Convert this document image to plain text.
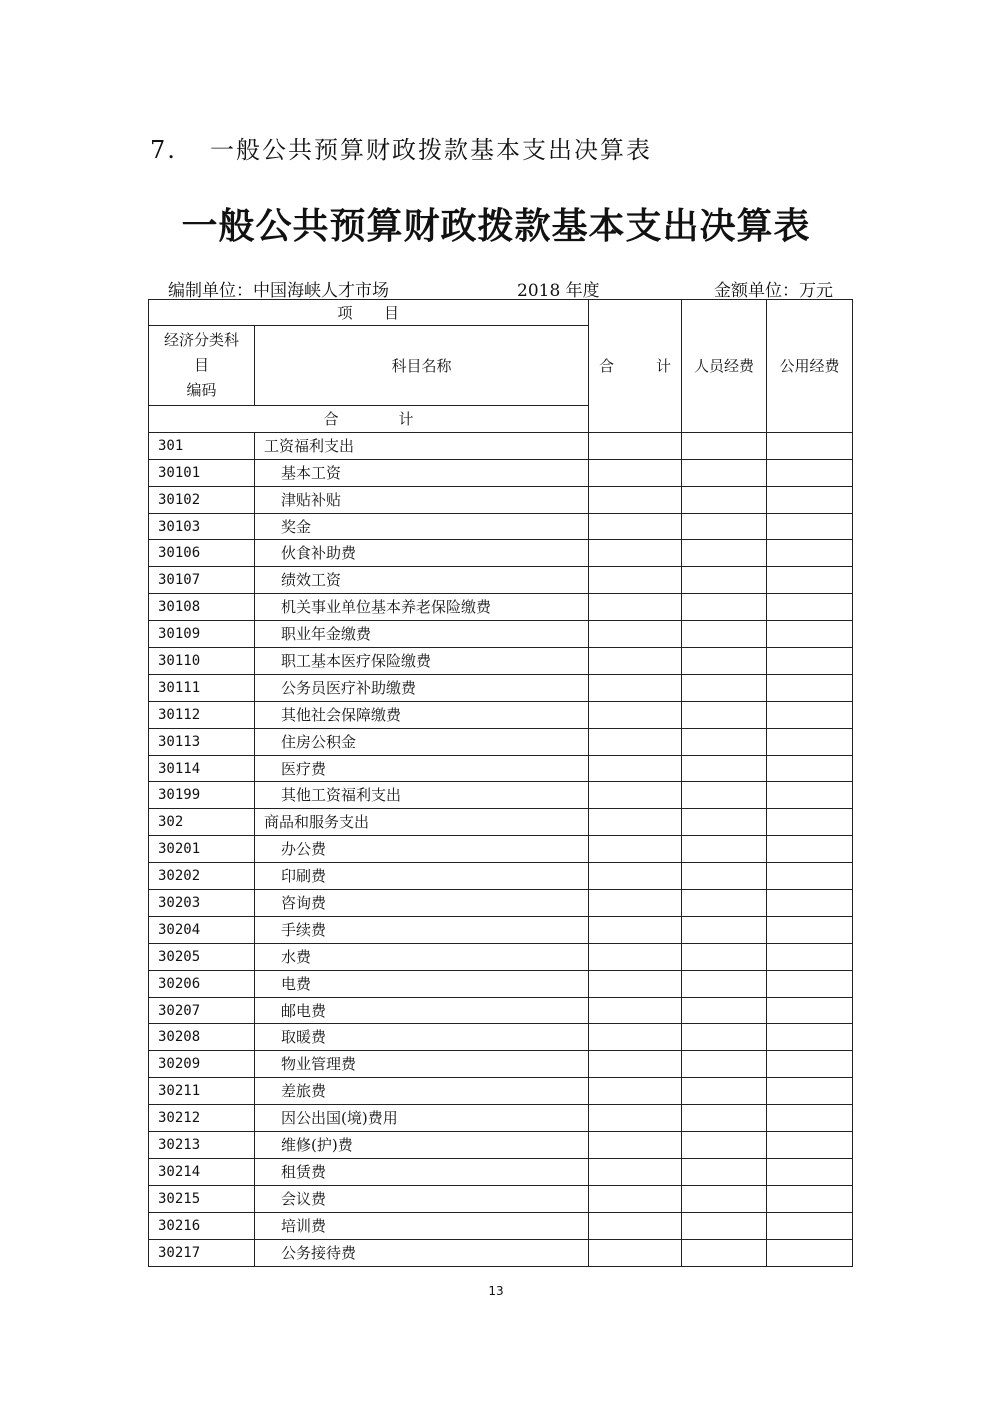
7. 一般公共预算财政拨款基本支出决算表
一般公共预算财政拨款基本支出决算表
编制单位：中国海峡人才市场	2018 年度	金额单位：万元
项　　目		合 计	人员经费	公用经费

经济分类科
目
编码	科目名称			
合　　　　计				
301	工资福利支出			
30101	基本工资			
30102	津贴补贴			
30103	奖金			
30106	伙食补助费			
30107	绩效工资			
30108	机关事业单位基本养老保险缴费			
30109	职业年金缴费			
30110	职工基本医疗保险缴费			
30111	公务员医疗补助缴费			
30112	其他社会保障缴费			
30113	住房公积金			
30114	医疗费			
30199	其他工资福利支出			
302	商品和服务支出			
30201	办公费			
30202	印刷费			
30203	咨询费			
30204	手续费			
30205	水费			
30206	电费			
30207	邮电费			
30208	取暖费			
30209	物业管理费			
30211	差旅费			
30212	因公出国(境)费用			
30213	维修(护)费			
30214	租赁费			
30215	会议费			
30216	培训费			
30217	公务接待费			
13
